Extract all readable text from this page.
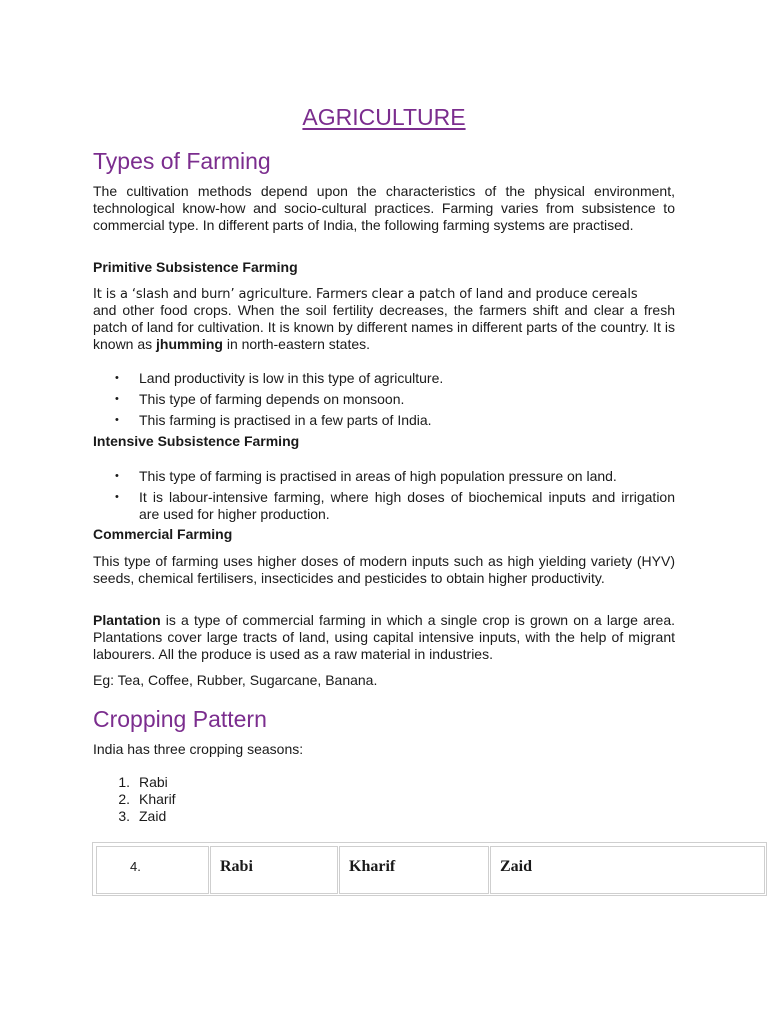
AGRICULTURE
Types of Farming

The cultivation methods depend upon the characteristics of the physical environment, technological know-how and socio-cultural practices. Farming varies from subsistence to commercial type. In different parts of India, the following farming systems are practised.

Primitive Subsistence Farming

It is a ‘slash and burn’ agriculture. Farmers clear a patch of land and produce cereals

and other food crops. When the soil fertility decreases, the farmers shift and clear a fresh patch of land for cultivation. It is known by different names in different parts of the country. It is known as jhumming in north-eastern states.

• Land productivity is low in this type of agriculture.
• This type of farming depends on monsoon.
• This farming is practised in a few parts of India.

Intensive Subsistence Farming

• This type of farming is practised in areas of high population pressure on land.
• It is labour-intensive farming, where high doses of biochemical inputs and irrigation are used for higher production.

Commercial Farming

This type of farming uses higher doses of modern inputs such as high yielding variety (HYV) seeds, chemical fertilisers, insecticides and pesticides to obtain higher productivity.

Plantation is a type of commercial farming in which a single crop is grown on a large area. Plantations cover large tracts of land, using capital intensive inputs, with the help of migrant labourers. All the produce is used as a raw material in industries.

Eg: Tea, Coffee, Rubber, Sugarcane, Banana.

Cropping Pattern

India has three cropping seasons:

1. Rabi
2. Kharif
3. Zaid
4.	Rabi	Kharif	Zaid
